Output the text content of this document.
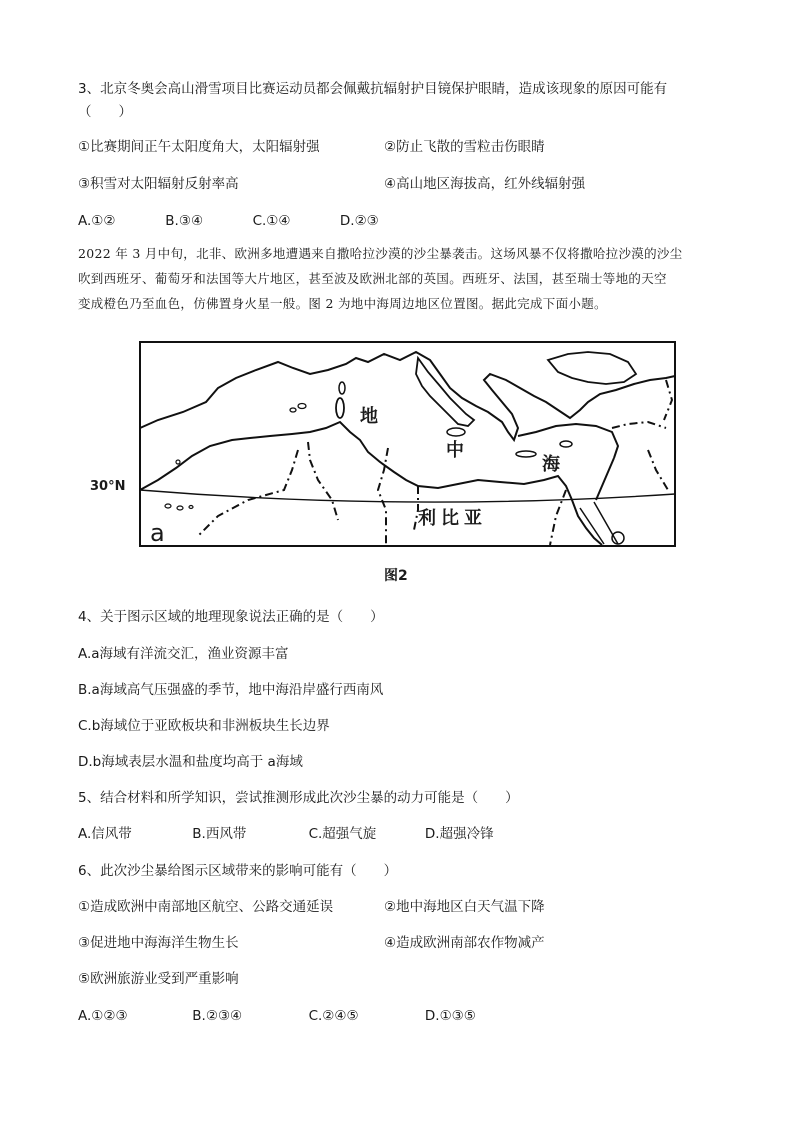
3、北京冬奥会高山滑雪项目比赛运动员都会佩戴抗辐射护目镜保护眼睛，造成该现象的原因可能有
（　　）
①比赛期间正午太阳度角大，太阳辐射强	②防止飞散的雪粒击伤眼睛
③积雪对太阳辐射反射率高	④高山地区海拔高，红外线辐射强
A.①②	B.③④	C.①④	D.②③
2022 年 3 月中旬，北非、欧洲多地遭遇来自撒哈拉沙漠的沙尘暴袭击。这场风暴不仅将撒哈拉沙漠的沙尘
吹到西班牙、葡萄牙和法国等大片地区，甚至波及欧洲北部的英国。西班牙、法国，甚至瑞士等地的天空
变成橙色乃至血色，仿佛置身火星一般。图 2 为地中海周边地区位置图。据此完成下面小题。
30°N
a
地
中
海
利比亚
图2
4、关于图示区域的地理现象说法正确的是（　　）
A.a海域有洋流交汇，渔业资源丰富
B.a海域高气压强盛的季节，地中海沿岸盛行西南风
C.b海域位于亚欧板块和非洲板块生长边界
D.b海域表层水温和盐度均高于 a海域
5、结合材料和所学知识，尝试推测形成此次沙尘暴的动力可能是（　　）
A.信风带	B.西风带	C.超强气旋	D.超强冷锋
6、此次沙尘暴给图示区域带来的影响可能有（　　）
①造成欧洲中南部地区航空、公路交通延误	②地中海地区白天气温下降
③促进地中海海洋生物生长	④造成欧洲南部农作物减产
⑤欧洲旅游业受到严重影响
A.①②③	B.②③④	C.②④⑤	D.①③⑤
